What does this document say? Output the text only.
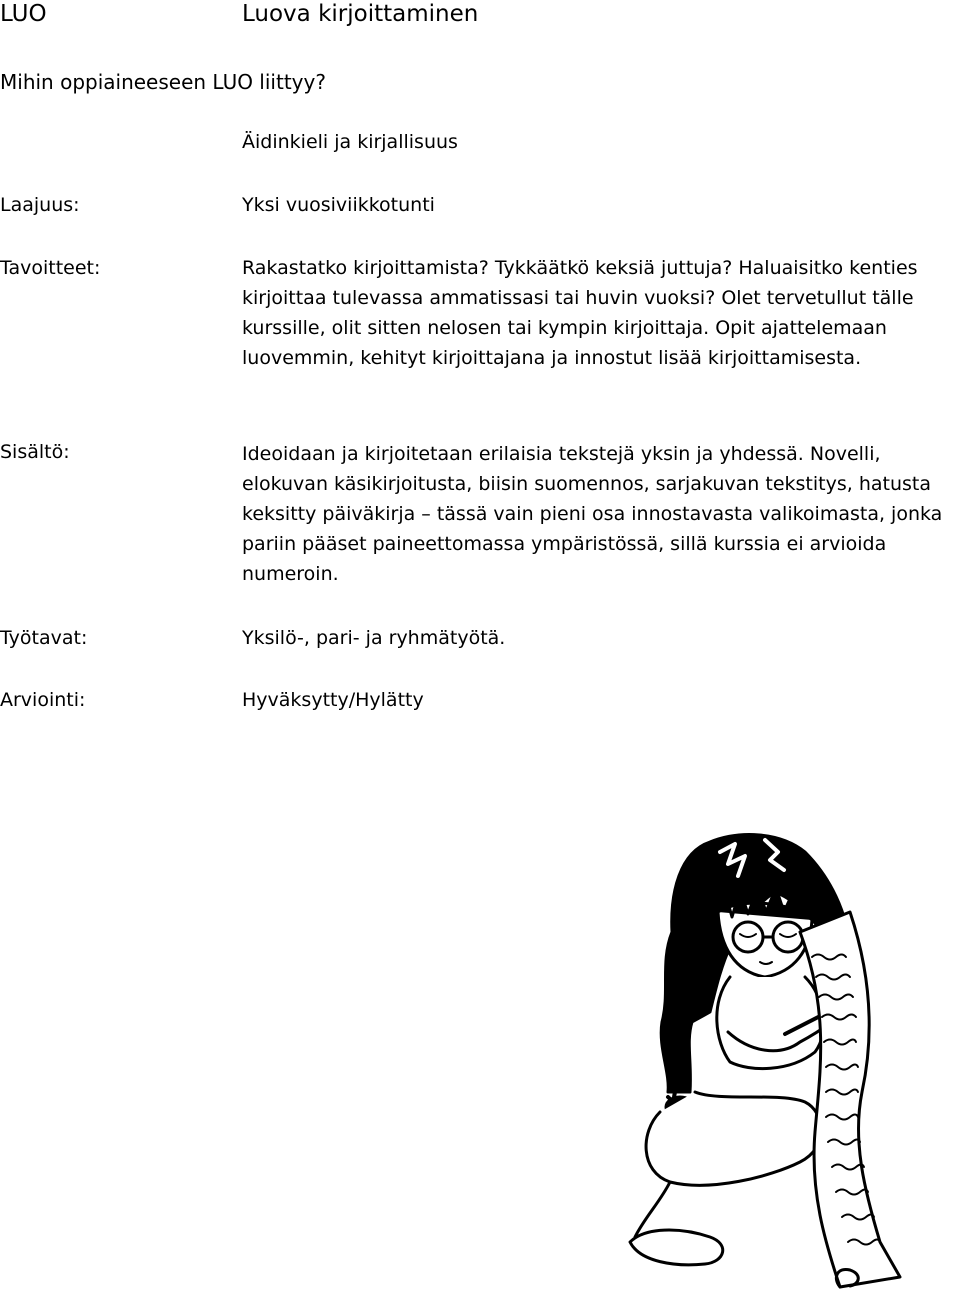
LUO	Luova kirjoittaminen
Mihin oppiaineeseen LUO liittyy?
Äidinkieli ja kirjallisuus
Laajuus:	Yksi vuosiviikkotunti
Tavoitteet:	Rakastatko kirjoittamista? Tykkäätkö keksiä juttuja? Haluaisitko kenties kirjoittaa tulevassa ammatissasi tai huvin vuoksi? Olet tervetullut tälle kurssille, olit sitten nelosen tai kympin kirjoittaja. Opit ajattelemaan luovemmin, kehityt kirjoittajana ja innostut lisää kirjoittamisesta.
Sisältö:	Ideoidaan ja kirjoitetaan erilaisia tekstejä yksin ja yhdessä. Novelli, elokuvan käsikirjoitusta, biisin suomennos, sarjakuvan tekstitys, hatusta keksitty päiväkirja – tässä vain pieni osa innostavasta valikoimasta, jonka pariin pääset paineettomassa ympäristössä, sillä kurssia ei arvioida numeroin.
Työtavat:	Yksilö-, pari- ja ryhmätyötä.
Arviointi:	Hyväksytty/Hylätty
